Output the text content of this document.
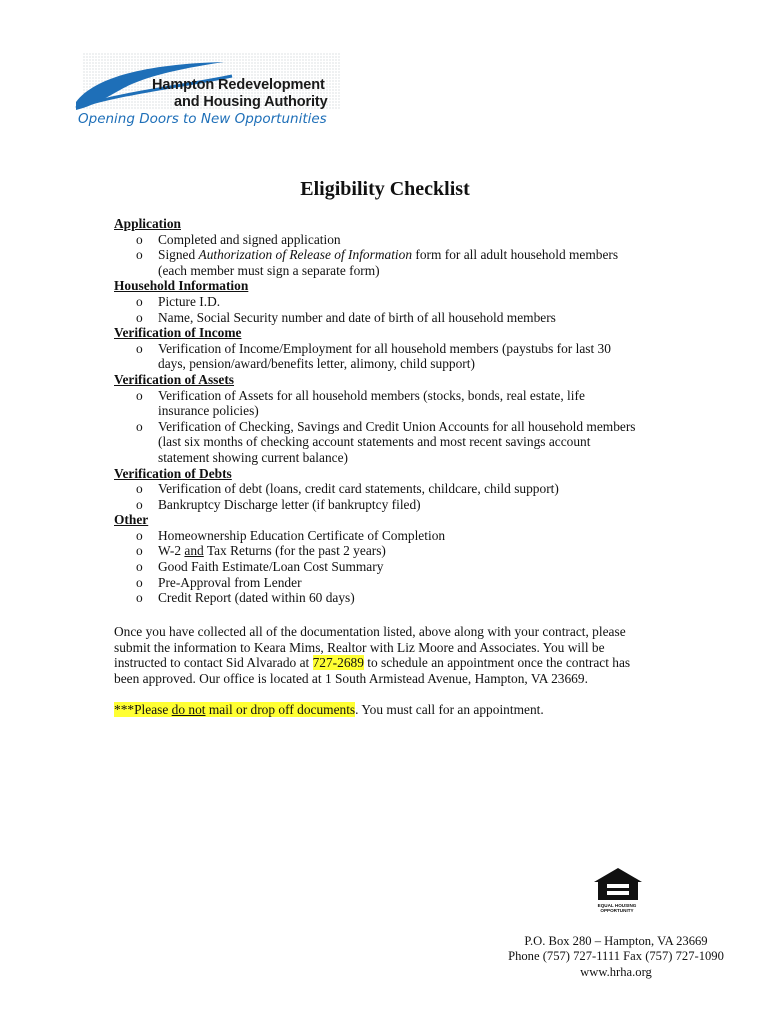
Hampton Redevelopment
and Housing Authority
Opening Doors to New Opportunities
Eligibility Checklist
Application
o Completed and signed application
o Signed Authorization of Release of Information form for all adult household members
(each member must sign a separate form)
Household Information
o Picture I.D.
o Name, Social Security number and date of birth of all household members
Verification of Income
o Verification of Income/Employment for all household members (paystubs for last 30
days, pension/award/benefits letter, alimony, child support)
Verification of Assets
o Verification of Assets for all household members (stocks, bonds, real estate, life
insurance policies)
o Verification of Checking, Savings and Credit Union Accounts for all household members
(last six months of checking account statements and most recent savings account
statement showing current balance)
Verification of Debts
o Verification of debt (loans, credit card statements, childcare, child support)
o Bankruptcy Discharge letter (if bankruptcy filed)
Other
o Homeownership Education Certificate of Completion
o W-2 and Tax Returns (for the past 2 years)
o Good Faith Estimate/Loan Cost Summary
o Pre-Approval from Lender
o Credit Report (dated within 60 days)
Once you have collected all of the documentation listed, above along with your contract, please
submit the information to Keara Mims, Realtor with Liz Moore and Associates. You will be
instructed to contact Sid Alvarado at 727-2689 to schedule an appointment once the contract has
been approved. Our office is located at 1 South Armistead Avenue, Hampton, VA 23669.
***Please do not mail or drop off documents. You must call for an appointment.
EQUAL HOUSING
OPPORTUNITY
P.O. Box 280 – Hampton, VA 23669
Phone (757) 727-1111 Fax (757) 727-1090
www.hrha.org
